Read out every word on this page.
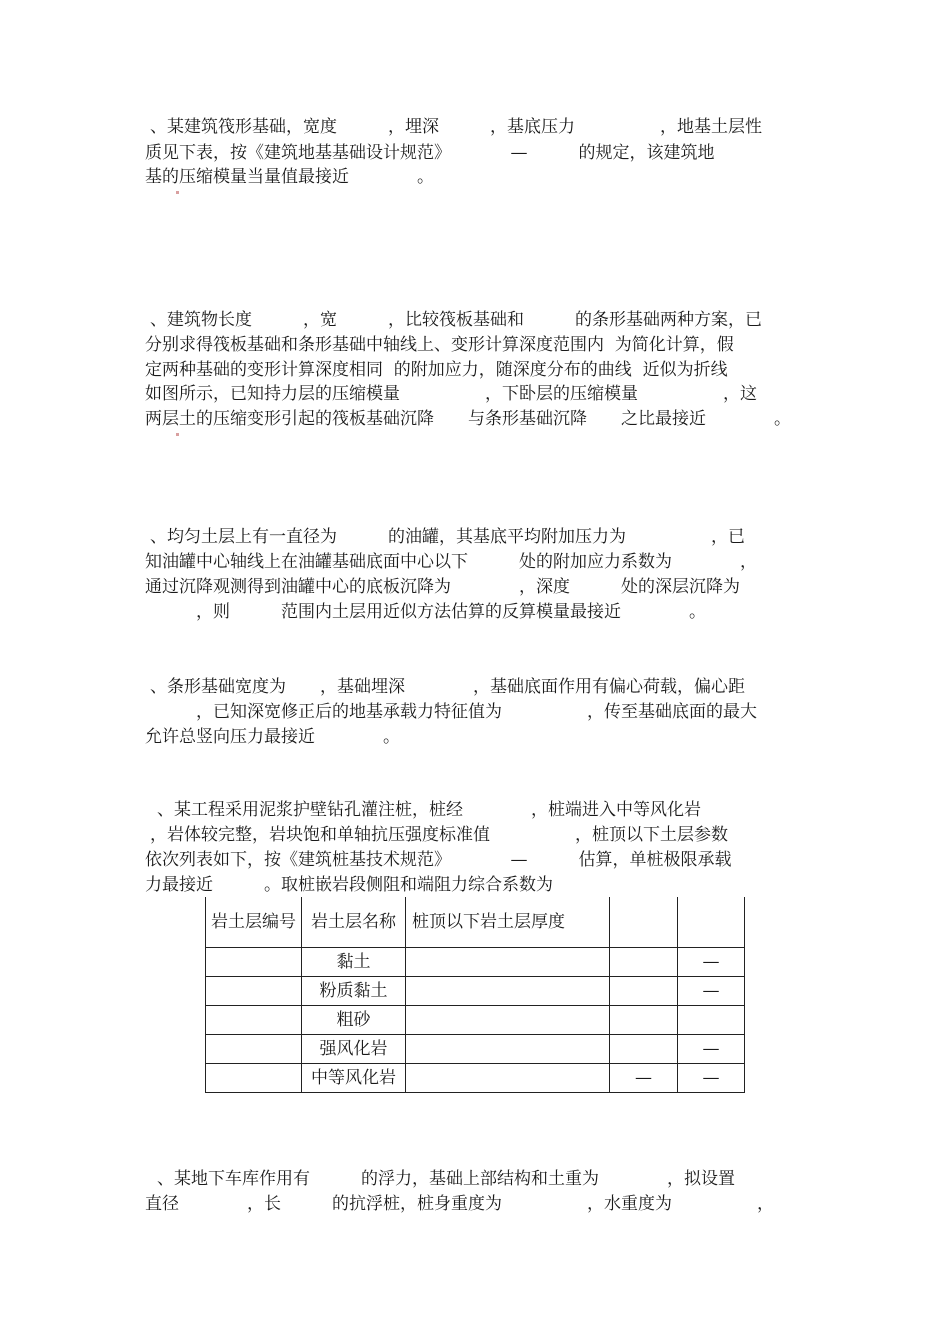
、某建筑筏形基础，宽度　　　，埋深　　　，基底压力　　　　　，地基土层性
质见下表，按《建筑地基基础设计规范》　　　　—　　　的规定，该建筑地
基的压缩模量当量值最接近　　　　。
、建筑物长度　　　，宽　　　，比较筏板基础和　　　的条形基础两种方案，已
分别求得筏板基础和条形基础中轴线上、变形计算深度范围内  为简化计算，假
定两种基础的变形计算深度相同  的附加应力，随深度分布的曲线  近似为折线
如图所示，已知持力层的压缩模量　　　　　，下卧层的压缩模量　　　　　，这
两层土的压缩变形引起的筏板基础沉降　　与条形基础沉降　　之比最接近　　　　。
、均匀土层上有一直径为　　　的油罐，其基底平均附加压力为　　　　　，已
知油罐中心轴线上在油罐基础底面中心以下　　　处的附加应力系数为　　　　，
通过沉降观测得到油罐中心的底板沉降为　　　　，深度　　　处的深层沉降为
　　　，则　　　范围内土层用近似方法估算的反算模量最接近　　　　。
、条形基础宽度为　　，基础埋深　　　　，基础底面作用有偏心荷载，偏心距
　　　，已知深宽修正后的地基承载力特征值为　　　　　，传至基础底面的最大
允许总竖向压力最接近　　　　。
、某工程采用泥浆护壁钻孔灌注桩，桩经　　　　，桩端进入中等风化岩
，岩体较完整，岩块饱和单轴抗压强度标准值　　　　　，桩顶以下土层参数
依次列表如下，按《建筑桩基技术规范》　　　　—　　　估算，单桩极限承载
力最接近　　　。取桩嵌岩段侧阻和端阻力综合系数为
岩土层编号	岩土层名称	桩顶以下岩土层厚度		
	黏土			—
	粉质黏土			—
	粗砂			
	强风化岩			—
	中等风化岩		—	—
、某地下车库作用有　　　的浮力，基础上部结构和土重为　　　　，拟设置
直径　　　　，长　　　的抗浮桩，桩身重度为　　　　　，水重度为　　　　　，
